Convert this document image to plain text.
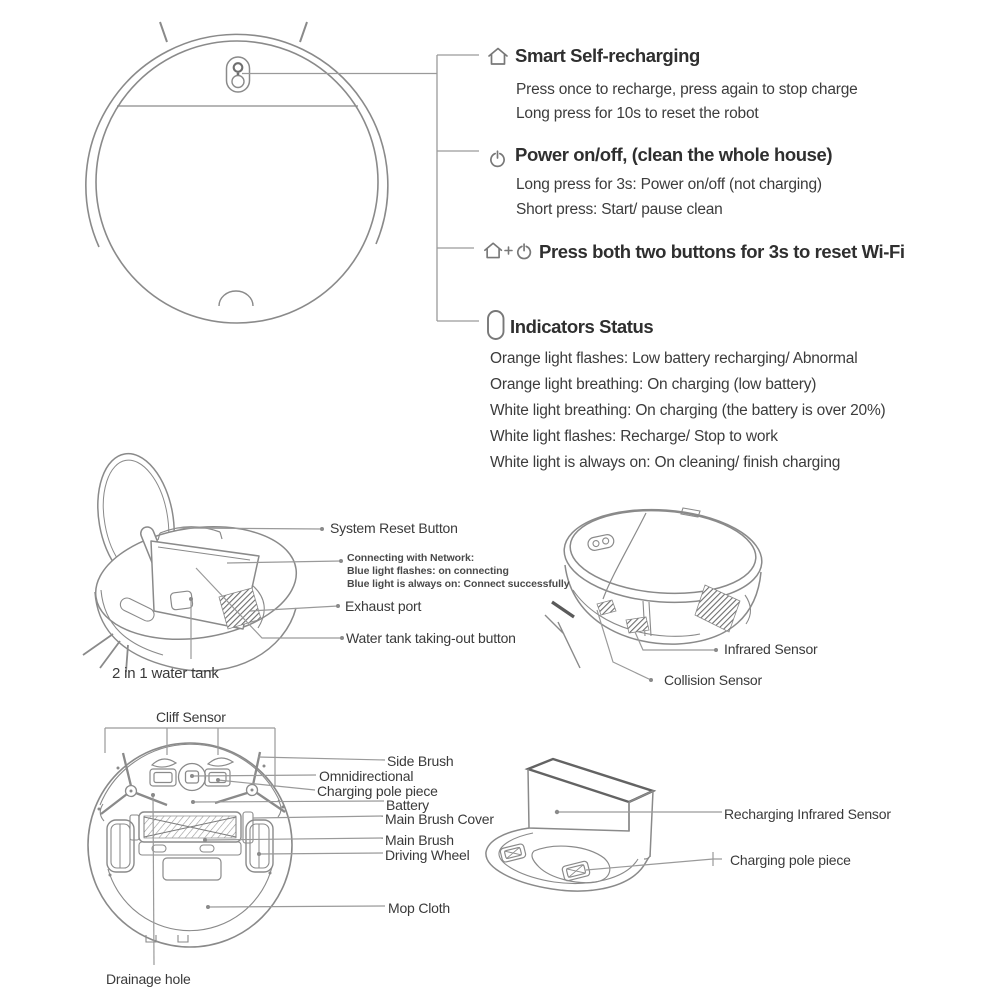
Smart Self-recharging
Press once to recharge, press again to stop charge
Long press for 10s to reset the robot
Power on/off, (clean the whole house)
Long press for 3s: Power on/off (not charging)
Short press: Start/ pause clean
Press both two buttons for 3s to reset Wi-Fi
Indicators Status
Orange light flashes: Low battery recharging/ Abnormal
Orange light breathing: On charging (low battery)
White light breathing: On charging (the battery is over 20%)
White light flashes: Recharge/ Stop to work
White light is always on: On cleaning/ finish charging
System Reset Button
Connecting with Network:
Blue light flashes: on connecting
Blue light is always on: Connect successfully
Exhaust port
Water tank taking-out button
2 in 1 water tank
Infrared Sensor
Collision Sensor
Cliff Sensor
Side Brush
Omnidirectional
Charging pole piece
Battery
Main Brush Cover
Main Brush
Driving Wheel
Mop Cloth
Drainage hole
Recharging Infrared Sensor
Charging pole piece
